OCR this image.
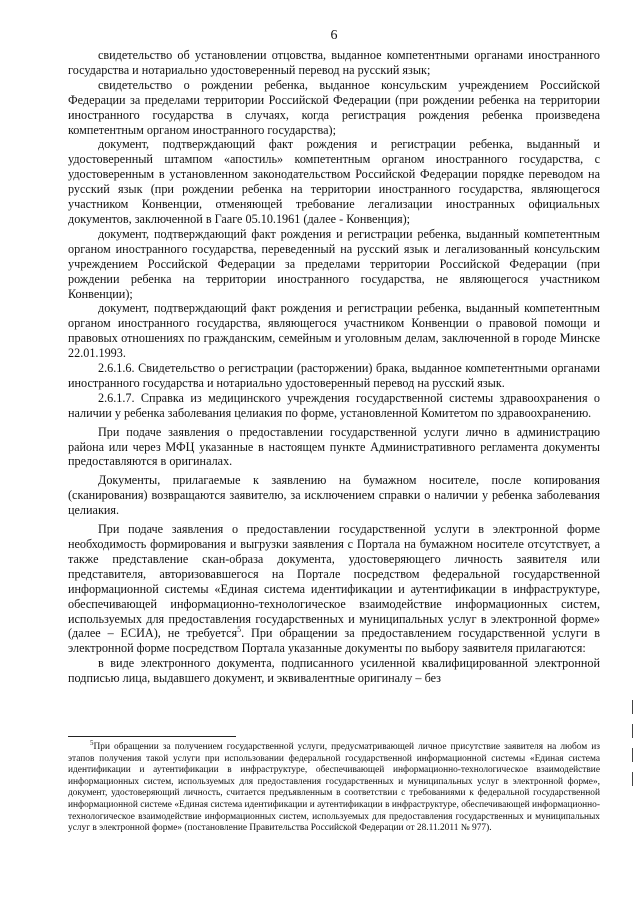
6

свидетельство об установлении отцовства, выданное компетентными органами иностранного государства и нотариально удостоверенный перевод на русский язык;

свидетельство о рождении ребенка, выданное консульским учреждением Российской Федерации за пределами территории Российской Федерации (при рождении ребенка на территории иностранного государства в случаях, когда регистрация рождения ребенка произведена компетентным органом иностранного государства);

документ, подтверждающий факт рождения и регистрации ребенка, выданный и удостоверенный штампом «апостиль» компетентным органом иностранного государства, с удостоверенным в установленном законодательством Российской Федерации порядке переводом на русский язык (при рождении ребенка на территории иностранного государства, являющегося участником Конвенции, отменяющей требование легализации иностранных официальных документов, заключенной в Гааге 05.10.1961 (далее - Конвенция);

документ, подтверждающий факт рождения и регистрации ребенка, выданный компетентным органом иностранного государства, переведенный на русский язык и легализованный консульским учреждением Российской Федерации за пределами территории Российской Федерации (при рождении ребенка на территории иностранного государства, не являющегося участником Конвенции);

документ, подтверждающий факт рождения и регистрации ребенка, выданный компетентным органом иностранного государства, являющегося участником Конвенции о правовой помощи и правовых отношениях по гражданским, семейным и уголовным делам, заключенной в городе Минске 22.01.1993.

2.6.1.6. Свидетельство о регистрации (расторжении) брака, выданное компетентными органами иностранного государства и нотариально удостоверенный перевод на русский язык.

2.6.1.7. Справка из медицинского учреждения государственной системы здравоохранения о наличии у ребенка заболевания целиакия по форме, установленной Комитетом по здравоохранению.

При подаче заявления о предоставлении государственной услуги лично в администрацию района или через МФЦ указанные в настоящем пункте Административного регламента документы предоставляются в оригиналах.

Документы, прилагаемые к заявлению на бумажном носителе, после копирования (сканирования) возвращаются заявителю, за исключением справки о наличии у ребенка заболевания целиакия.

При подаче заявления о предоставлении государственной услуги в электронной форме необходимость формирования и выгрузки заявления с Портала на бумажном носителе отсутствует, а также представление скан-образа документа, удостоверяющего личность заявителя или представителя, авторизовавшегося на Портале посредством федеральной государственной информационной системы «Единая система идентификации и аутентификации в инфраструктуре, обеспечивающей информационно-технологическое взаимодействие информационных систем, используемых для предоставления государственных и муниципальных услуг в электронной форме» (далее – ЕСИА), не требуется$^5$. При обращении за предоставлением государственной услуги в электронной форме посредством Портала указанные документы по выбору заявителя прилагаются:

в виде электронного документа, подписанного усиленной квалифицированной электронной подписью лица, выдавшего документ, и эквивалентные оригиналу – без

$^5$При обращении за получением государственной услуги, предусматривающей личное присутствие заявителя на любом из этапов получения такой услуги при использовании федеральной государственной информационной системы «Единая система идентификации и аутентификации в инфраструктуре, обеспечивающей информационно-технологическое взаимодействие информационных систем, используемых для предоставления государственных и муниципальных услуг в электронной форме», документ, удостоверяющий личность, считается предъявленным в соответствии с требованиями к федеральной государственной информационной системе «Единая система идентификации и аутентификации в инфраструктуре, обеспечивающей информационно-технологическое взаимодействие информационных систем, используемых для предоставления государственных и муниципальных услуг в электронной форме» (постановление Правительства Российской Федерации от 28.11.2011 № 977).
